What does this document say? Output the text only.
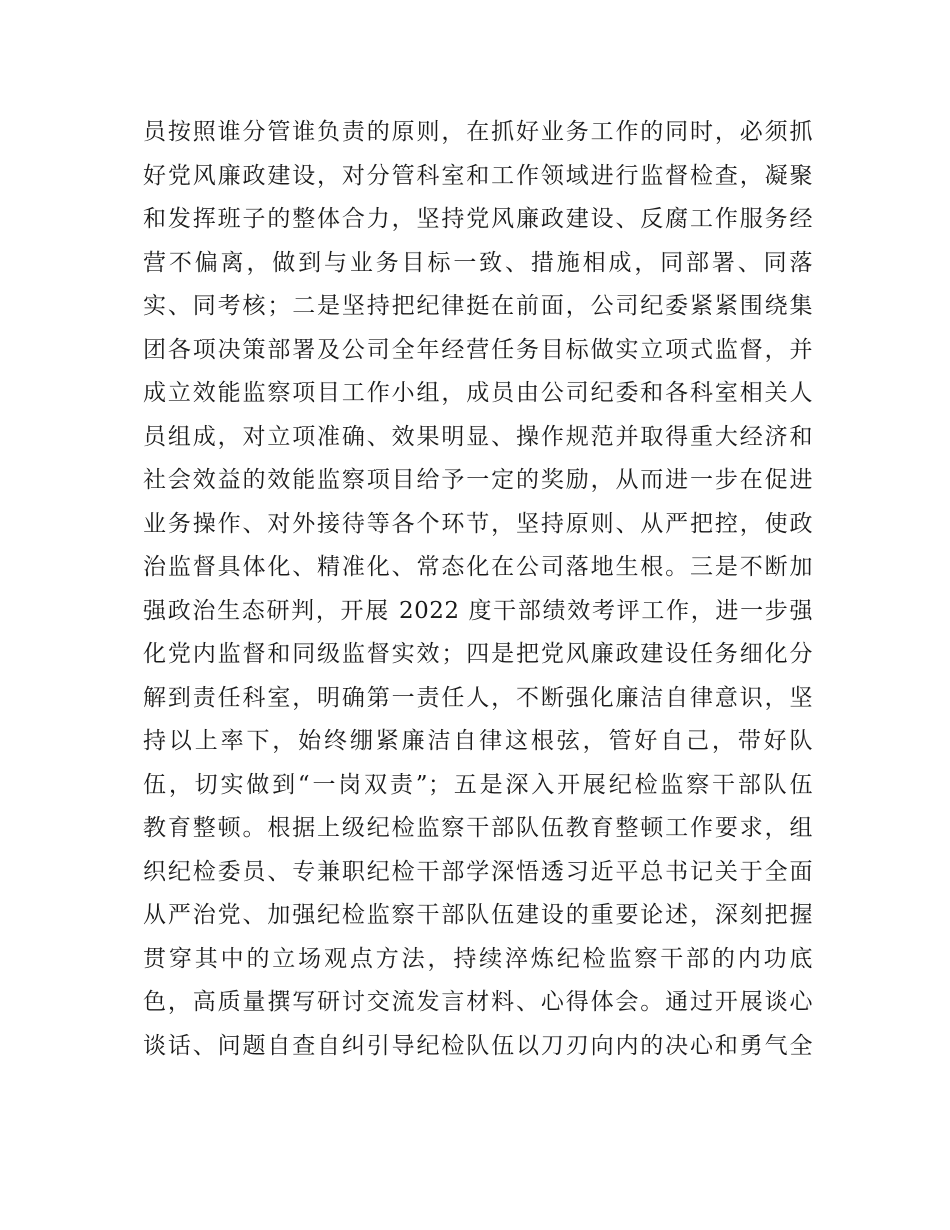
员按照谁分管谁负责的原则，在抓好业务工作的同时，必须抓
好党风廉政建设，对分管科室和工作领域进行监督检查，凝聚
和发挥班子的整体合力，坚持党风廉政建设、反腐工作服务经
营不偏离，做到与业务目标一致、措施相成，同部署、同落
实、同考核；二是坚持把纪律挺在前面，公司纪委紧紧围绕集
团各项决策部署及公司全年经营任务目标做实立项式监督，并
成立效能监察项目工作小组，成员由公司纪委和各科室相关人
员组成，对立项准确、效果明显、操作规范并取得重大经济和
社会效益的效能监察项目给予一定的奖励，从而进一步在促进
业务操作、对外接待等各个环节，坚持原则、从严把控，使政
治监督具体化、精准化、常态化在公司落地生根。三是不断加
强政治生态研判，开展 2022 度干部绩效考评工作，进一步强
化党内监督和同级监督实效；四是把党风廉政建设任务细化分
解到责任科室，明确第一责任人，不断强化廉洁自律意识，坚
持以上率下，始终绷紧廉洁自律这根弦，管好自己，带好队
伍，切实做到“一岗双责”；五是深入开展纪检监察干部队伍
教育整顿。根据上级纪检监察干部队伍教育整顿工作要求，组
织纪检委员、专兼职纪检干部学深悟透习近平总书记关于全面
从严治党、加强纪检监察干部队伍建设的重要论述，深刻把握
贯穿其中的立场观点方法，持续淬炼纪检监察干部的内功底
色，高质量撰写研讨交流发言材料、心得体会。通过开展谈心
谈话、问题自查自纠引导纪检队伍以刀刃向内的决心和勇气全
